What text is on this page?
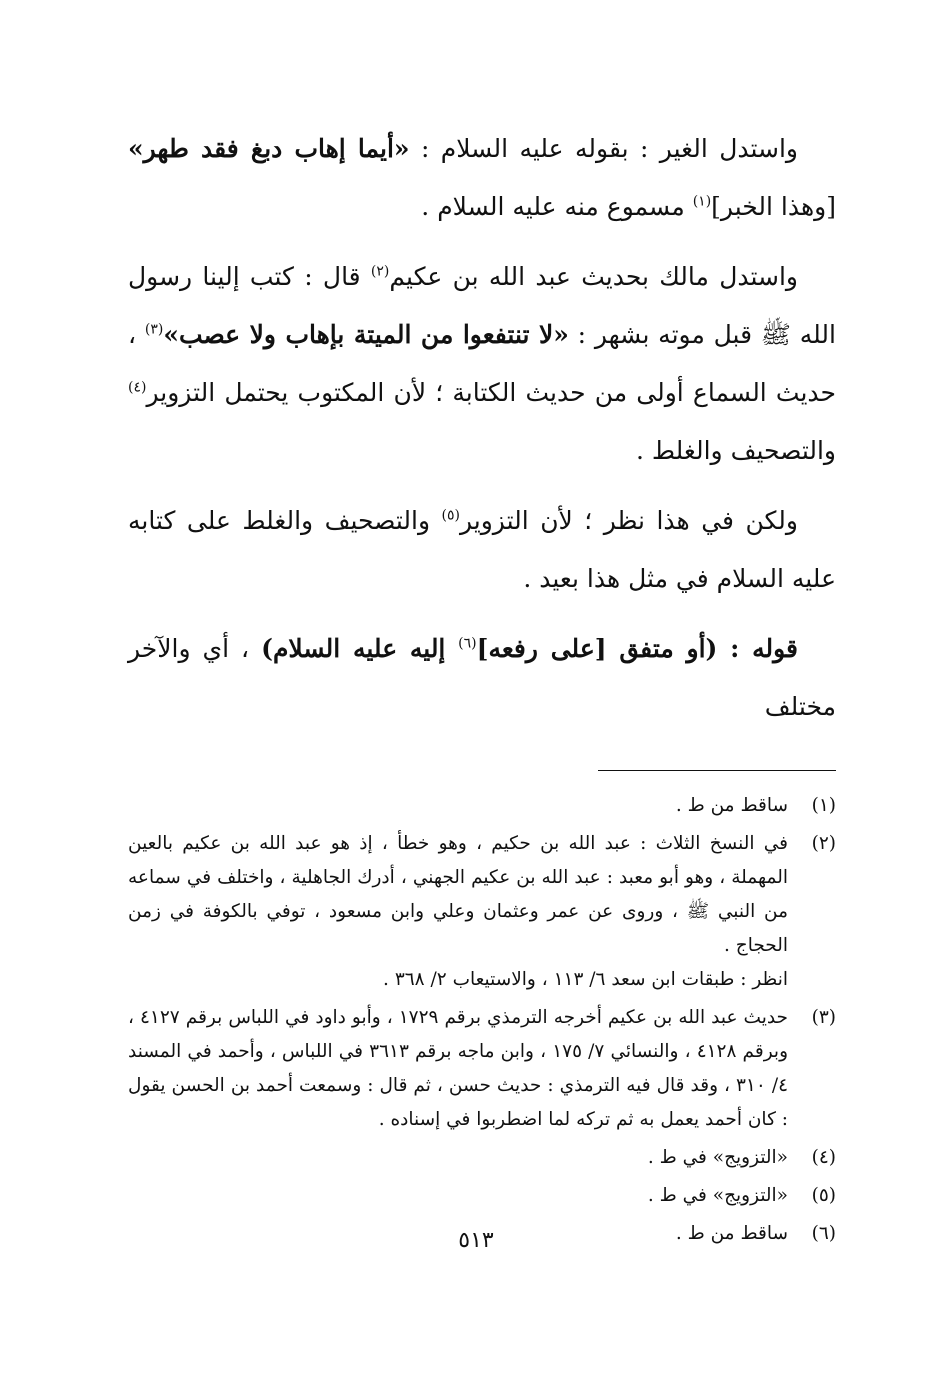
واستدل الغير : بقوله عليه السلام : «أيما إهاب دبغ فقد طهر» [وهذا الخبر]$^{(١)}$ مسموع منه عليه السلام .

واستدل مالك بحديث عبد الله بن عكيم$^{(٢)}$ قال : كتب إلينا رسول الله ﷺ قبل موته بشهر : «لا تنتفعوا من الميتة بإهاب ولا عصب»$^{(٣)}$ ، حديث السماع أولى من حديث الكتابة ؛ لأن المكتوب يحتمل التزوير$^{(٤)}$ والتصحيف والغلط .

ولكن في هذا نظر ؛ لأن التزوير$^{(٥)}$ والتصحيف والغلط على كتابه عليه السلام في مثل هذا بعيد .

قوله : (أو متفق [على رفعه]$^{(٦)}$ إليه عليه السلام) ، أي والآخر مختلف

(١)
ساقط من ط .
(٢)
في النسخ الثلاث : عبد الله بن حكيم ، وهو خطأ ، إذ هو عبد الله بن عكيم بالعين المهملة ، وهو أبو معبد : عبد الله بن عكيم الجهني ، أدرك الجاهلية ، واختلف في سماعه من النبي ﷺ ، وروى عن عمر وعثمان وعلي وابن مسعود ، توفي بالكوفة في زمن الحجاج .
انظر : طبقات ابن سعد ٦/ ١١٣ ، والاستيعاب ٢/ ٣٦٨ .
(٣)
حديث عبد الله بن عكيم أخرجه الترمذي برقم ١٧٢٩ ، وأبو داود في اللباس برقم ٤١٢٧ ، وبرقم ٤١٢٨ ، والنسائي ٧/ ١٧٥ ، وابن ماجه برقم ٣٦١٣ في اللباس ، وأحمد في المسند ٤/ ٣١٠ ، وقد قال فيه الترمذي : حديث حسن ، ثم قال : وسمعت أحمد بن الحسن يقول : كان أحمد يعمل به ثم تركه لما اضطربوا في إسناده .
(٤)
«التزويج» في ط .
(٥)
«التزويج» في ط .
(٦)
ساقط من ط .
٥١٣
